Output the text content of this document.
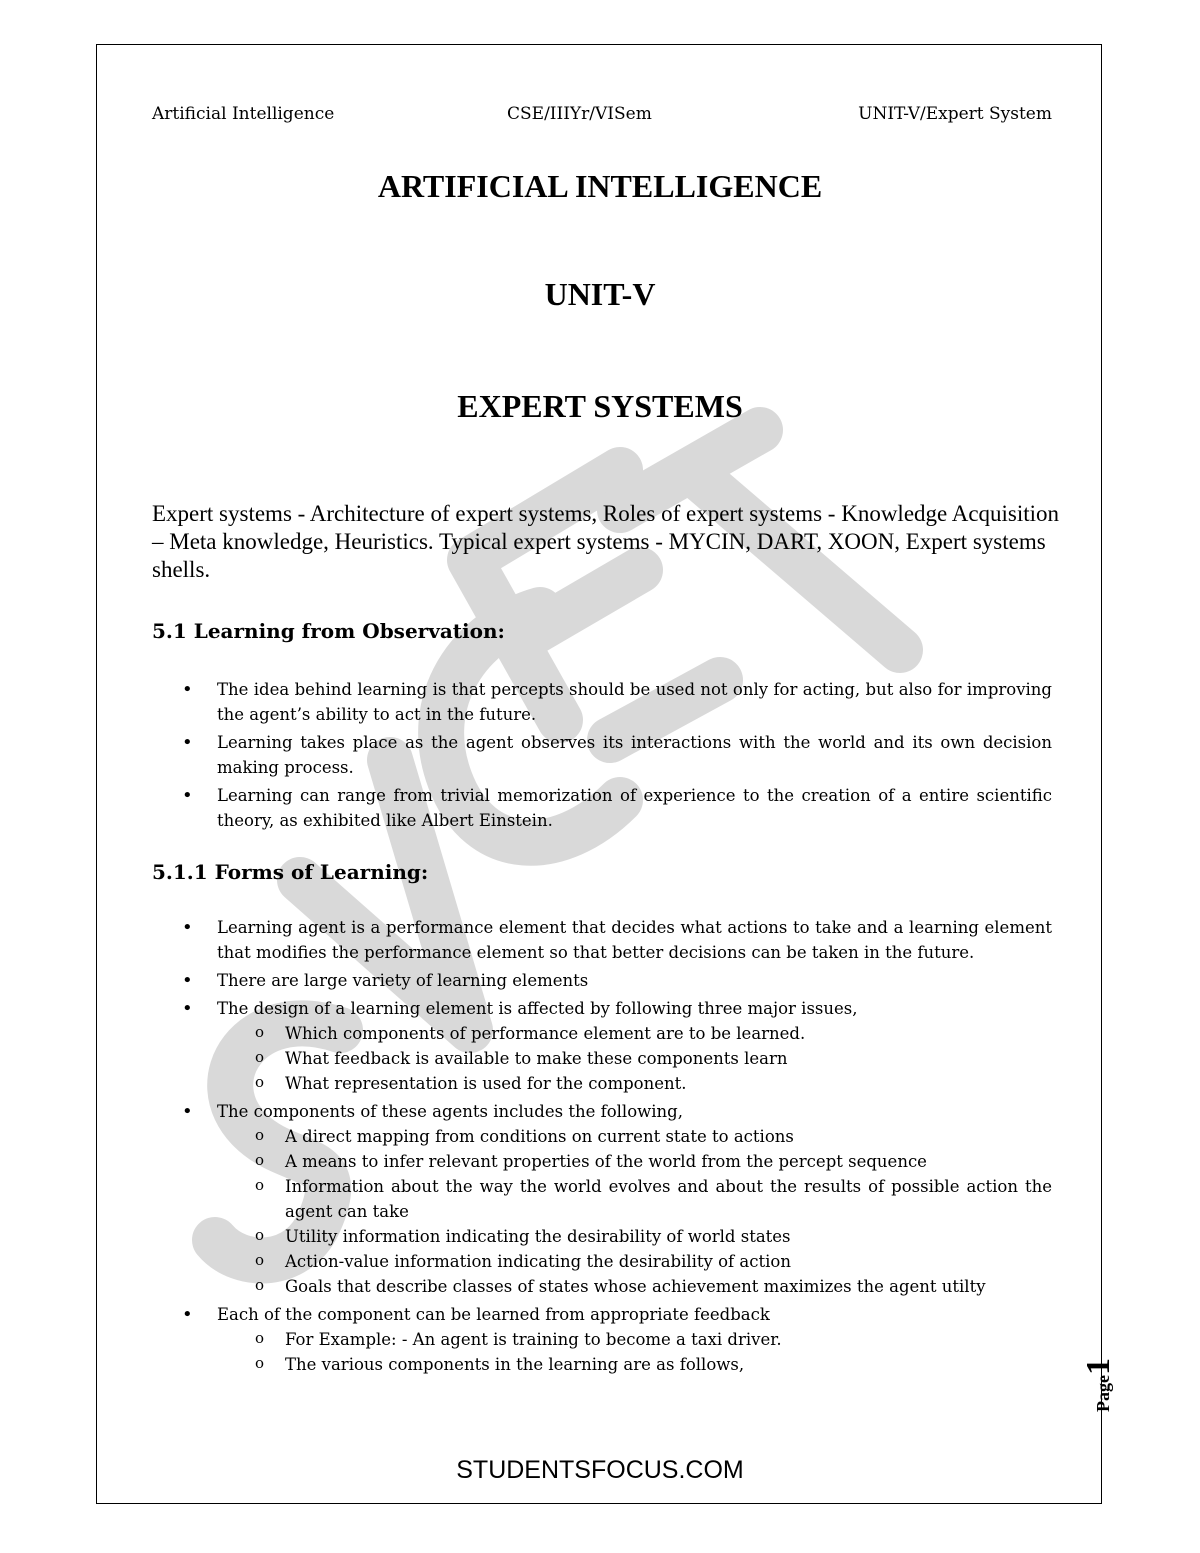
Artificial Intelligence	CSE/IIIYr/VISem	UNIT-V/Expert System
ARTIFICIAL INTELLIGENCE
UNIT-V
EXPERT SYSTEMS
Expert systems - Architecture of expert systems, Roles of expert systems - Knowledge Acquisition – Meta knowledge, Heuristics. Typical expert systems - MYCIN, DART, XOON, Expert systems shells.
5.1 Learning from Observation:
• The idea behind learning is that percepts should be used not only for acting, but also for improving the agent’s ability to act in the future.
• Learning takes place as the agent observes its interactions with the world and its own decision making process.
• Learning can range from trivial memorization of experience to the creation of a entire scientific theory, as exhibited like Albert Einstein.
5.1.1 Forms of Learning:
• Learning agent is a performance element that decides what actions to take and a learning element that modifies the performance element so that better decisions can be taken in the future.
• There are large variety of learning elements
• The design of a learning element is affected by following three major issues,
o Which components of performance element are to be learned.
o What feedback is available to make these components learn
o What representation is used for the component.
• The components of these agents includes the following,
o A direct mapping from conditions on current state to actions
o A means to infer relevant properties of the world from the percept sequence
o Information about the way the world evolves and about the results of possible action the agent can take
o Utility information indicating the desirability of world states
o Action-value information indicating the desirability of action
o Goals that describe classes of states whose achievement maximizes the agent utilty
• Each of the component can be learned from appropriate feedback
o For Example: - An agent is training to become a taxi driver.
o The various components in the learning are as follows,
Page1
STUDENTSFOCUS.COM
